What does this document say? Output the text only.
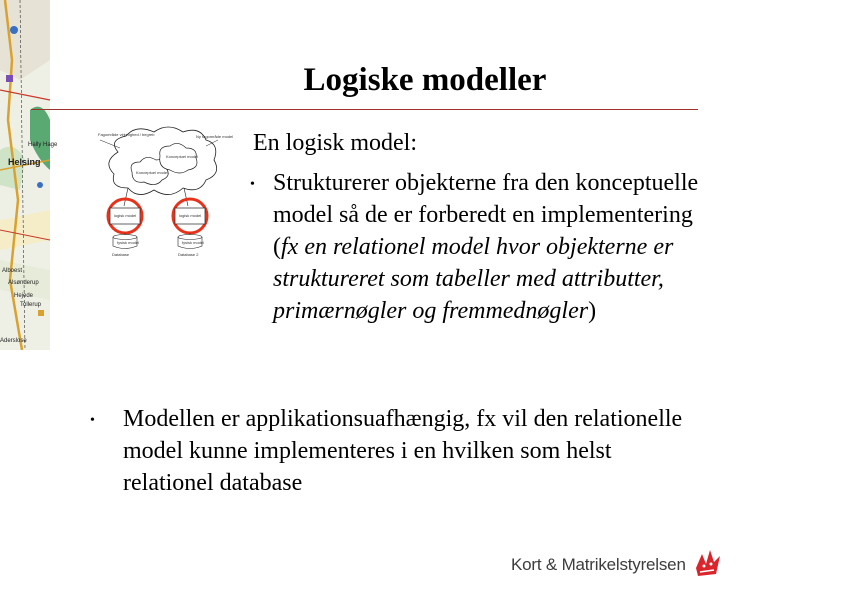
Helsing
Hally Hage
Alsønderup
Hejede
Tollerup
Alboest
Aderslose
Logiske modeller
Fagområde virkelighed / begreb	Ny fagområde model
Konceptuel model
Konceptuel model
logisk model	logisk model
fysisk model	fysisk model
Database	Database 2
En logisk model:
• Strukturerer objekterne fra den konceptuelle model så de er forberedt en implementering (fx en relationel model hvor objekterne er struktureret som tabeller med attributter, primærnøgler og fremmednøgler)
•	Modellen er applikationsuafhængig, fx vil den relationelle model kunne implementeres i en hvilken som helst relationel database
Kort & Matrikelstyrelsen
